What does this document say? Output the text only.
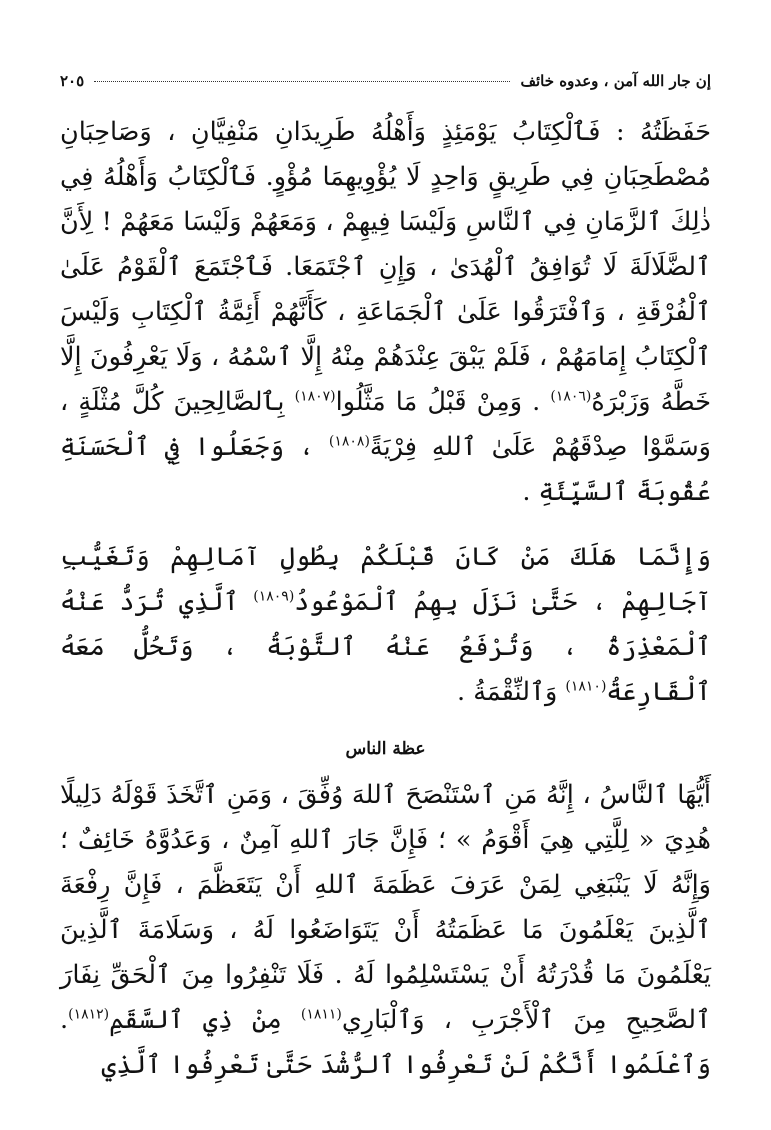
إن جار الله آمن ، وعدوه خائف
٢٠٥

حَفَظَتُهُ : فَٱلْكِتَابُ يَوْمَئِذٍ وَأَهْلُهُ طَرِيدَانِ مَنْفِيَّانِ ، وَصَاحِبَانِ مُصْطَحِبَانِ فِي طَرِيقٍ وَاحِدٍ لَا يُؤْوِيهِمَا مُؤْوٍ. فَٱلْكِتَابُ وَأَهْلُهُ فِي ذٰلِكَ ٱلزَّمَانِ فِي ٱلنَّاسِ وَلَيْسَا فِيهِمْ ، وَمَعَهُمْ وَلَيْسَا مَعَهُمْ ! لِأَنَّ ٱلضَّلَالَةَ لَا تُوَافِقُ ٱلْهُدَىٰ ، وَإِنِ ٱجْتَمَعَا. فَٱجْتَمَعَ ٱلْقَوْمُ عَلَىٰ ٱلْفُرْقَةِ ، وَٱفْتَرَقُوا عَلَىٰ ٱلْجَمَاعَةِ ، كَأَنَّهُمْ أَئِمَّةُ ٱلْكِتَابِ وَلَيْسَ ٱلْكِتَابُ إِمَامَهُمْ ، فَلَمْ يَبْقَ عِنْدَهُمْ مِنْهُ إِلَّا ٱسْمُهُ ، وَلَا يَعْرِفُونَ إِلَّا خَطَّهُ وَزَبْرَهُ$^{(١٨٠٦)}$ . وَمِنْ قَبْلُ مَا مَثَّلُوا$^{(١٨٠٧)}$ بِٱلصَّالِحِينَ كُلَّ مُثْلَةٍ ، وَسَمَّوْا صِدْقَهُمْ عَلَىٰ ٱللهِ فِرْيَةً$^{(١٨٠٨)}$ ، وَجَعَلُوا فِي ٱلْحَسَنَةِ عُقُوبَةَ ٱلسَّيِّئَةِ .

وَإِنَّمَا هَلَكَ مَنْ كَانَ قَبْلَكُمْ بِطُولِ آمَالِهِمْ وَتَغَيُّبِ آجَالِهِمْ ، حَتَّىٰ نَزَلَ بِهِمُ ٱلْمَوْعُودُ$^{(١٨٠٩)}$ ٱلَّذِي تُرَدُّ عَنْهُ ٱلْمَعْذِرَةُ ، وَتُرْفَعُ عَنْهُ ٱلتَّوْبَةُ ، وَتَحُلُّ مَعَهُ ٱلْقَارِعَةُ$^{(١٨١٠)}$ وَٱلنِّقْمَةُ .

عظة الناس

أَيُّهَا ٱلنَّاسُ ، إِنَّهُ مَنِ ٱسْتَنْصَحَ ٱللهَ وُفِّقَ ، وَمَنِ ٱتَّخَذَ قَوْلَهُ دَلِيلًا هُدِيَ « لِلَّتِي هِيَ أَقْوَمُ » ؛ فَإِنَّ جَارَ ٱللهِ آمِنٌ ، وَعَدُوَّهُ خَائِفٌ ؛ وَإِنَّهُ لَا يَنْبَغِي لِمَنْ عَرَفَ عَظَمَةَ ٱللهِ أَنْ يَتَعَظَّمَ ، فَإِنَّ رِفْعَةَ ٱلَّذِينَ يَعْلَمُونَ مَا عَظَمَتُهُ أَنْ يَتَوَاضَعُوا لَهُ ، وَسَلَامَةَ ٱلَّذِينَ يَعْلَمُونَ مَا قُدْرَتُهُ أَنْ يَسْتَسْلِمُوا لَهُ . فَلَا تَنْفِرُوا مِنَ ٱلْحَقِّ نِفَارَ ٱلصَّحِيحِ مِنَ ٱلْأَجْرَبِ ، وَٱلْبَارِي$^{(١٨١١)}$ مِنْ ذِي ٱلسَّقَمِ$^{(١٨١٢)}$. وَٱعْلَمُوا أَنَّكُمْ لَنْ تَعْرِفُوا ٱلرُّشْدَ حَتَّىٰ تَعْرِفُوا ٱلَّذِي
